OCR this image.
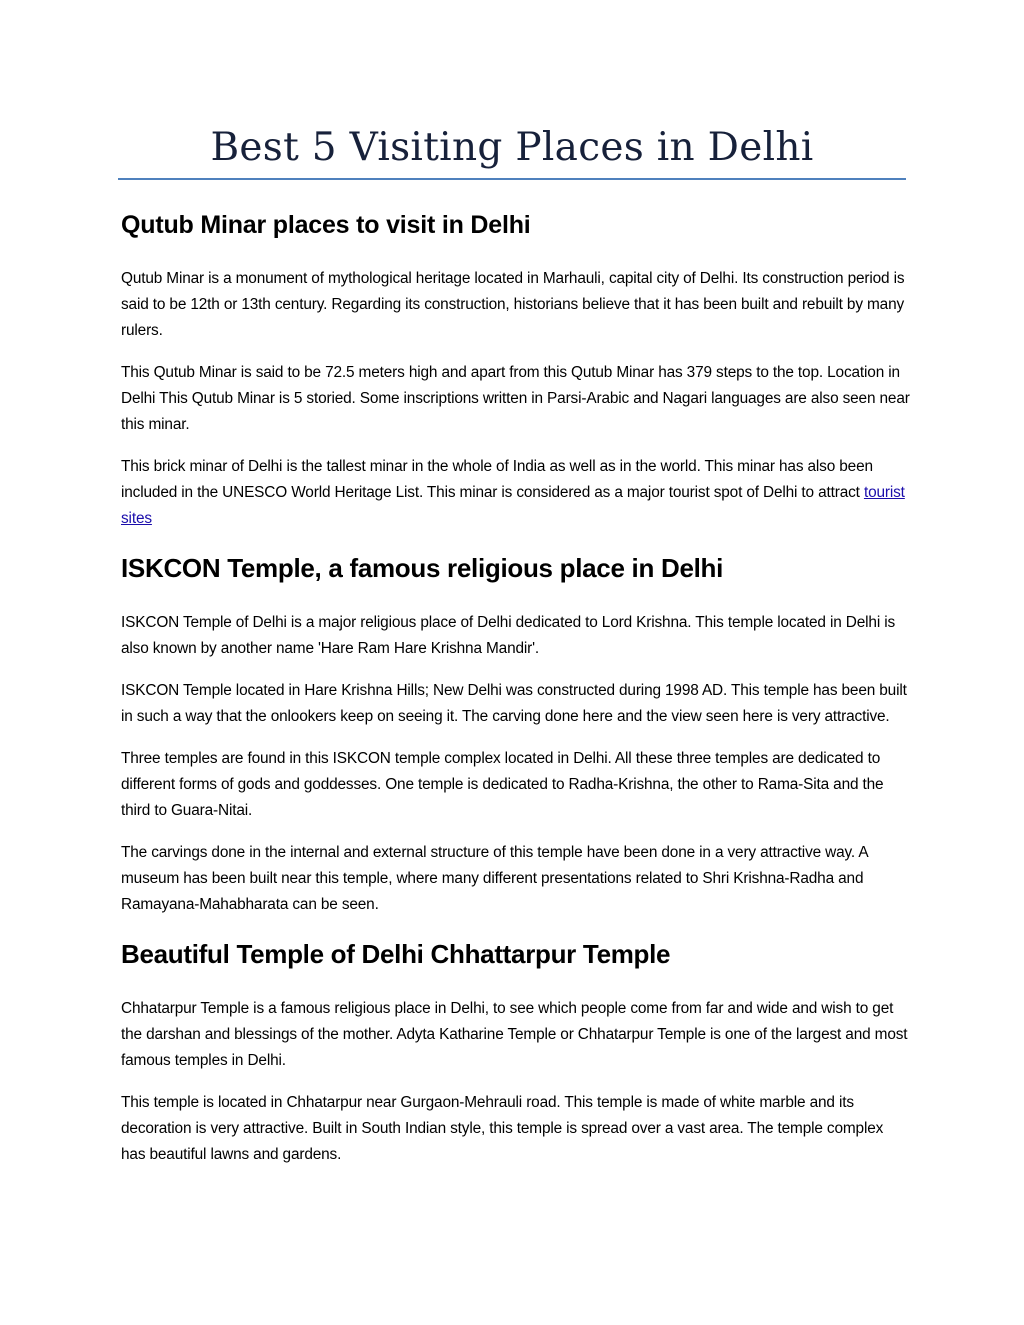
Best 5 Visiting Places in Delhi
Qutub Minar places to visit in Delhi

Qutub Minar is a monument of mythological heritage located in Marhauli, capital city of Delhi. Its construction period is said to be 12th or 13th century. Regarding its construction, historians believe that it has been built and rebuilt by many rulers.

This Qutub Minar is said to be 72.5 meters high and apart from this Qutub Minar has 379 steps to the top. Location in Delhi This Qutub Minar is 5 storied. Some inscriptions written in Parsi-Arabic and Nagari languages are also seen near this minar.

This brick minar of Delhi is the tallest minar in the whole of India as well as in the world. This minar has also been included in the UNESCO World Heritage List. This minar is considered as a major tourist spot of Delhi to attract tourist sites

ISKCON Temple, a famous religious place in Delhi

ISKCON Temple of Delhi is a major religious place of Delhi dedicated to Lord Krishna. This temple located in Delhi is also known by another name 'Hare Ram Hare Krishna Mandir'.

ISKCON Temple located in Hare Krishna Hills; New Delhi was constructed during 1998 AD. This temple has been built in such a way that the onlookers keep on seeing it. The carving done here and the view seen here is very attractive.

Three temples are found in this ISKCON temple complex located in Delhi. All these three temples are dedicated to different forms of gods and goddesses. One temple is dedicated to Radha-Krishna, the other to Rama-Sita and the third to Guara-Nitai.

The carvings done in the internal and external structure of this temple have been done in a very attractive way. A museum has been built near this temple, where many different presentations related to Shri Krishna-Radha and Ramayana-Mahabharata can be seen.

Beautiful Temple of Delhi Chhattarpur Temple

Chhatarpur Temple is a famous religious place in Delhi, to see which people come from far and wide and wish to get the darshan and blessings of the mother. Adyta Katharine Temple or Chhatarpur Temple is one of the largest and most famous temples in Delhi.

This temple is located in Chhatarpur near Gurgaon-Mehrauli road. This temple is made of white marble and its decoration is very attractive. Built in South Indian style, this temple is spread over a vast area. The temple complex has beautiful lawns and gardens.
